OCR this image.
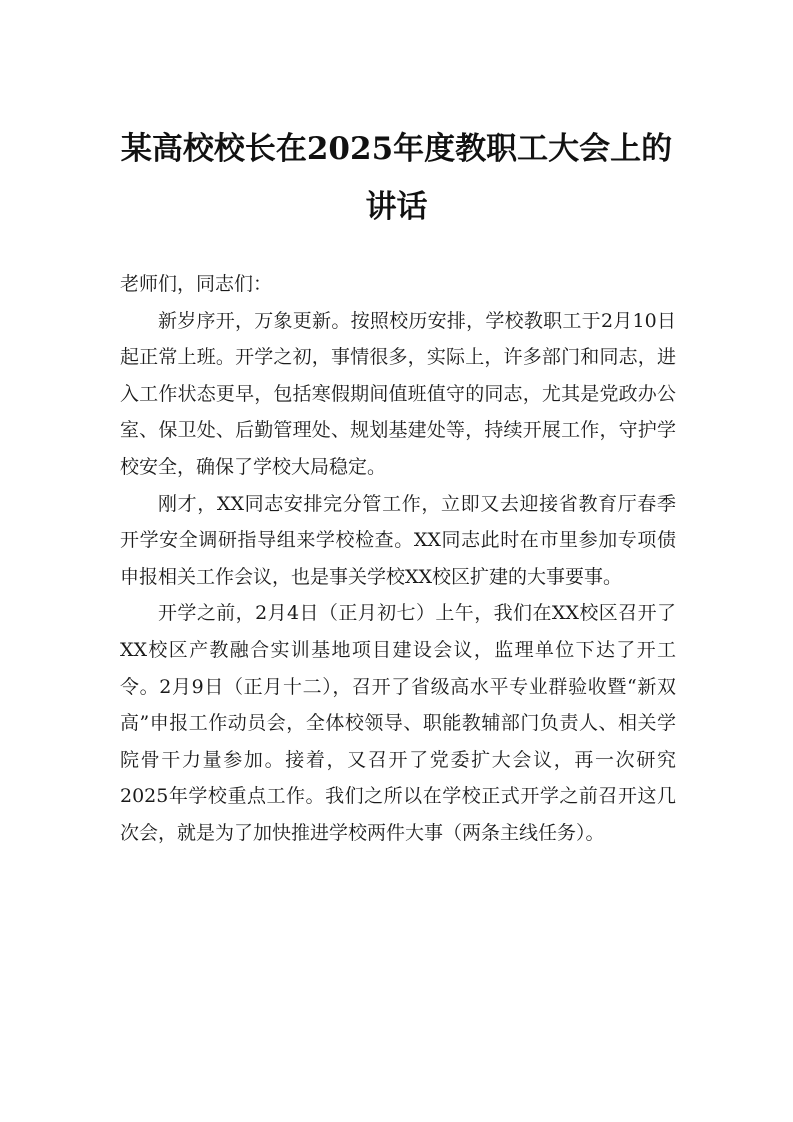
某高校校长在2025年度教职工大会上的讲话

老师们，同志们：

新岁序开，万象更新。按照校历安排，学校教职工于2月10日起正常上班。开学之初，事情很多，实际上，许多部门和同志，进入工作状态更早，包括寒假期间值班值守的同志，尤其是党政办公室、保卫处、后勤管理处、规划基建处等，持续开展工作，守护学校安全，确保了学校大局稳定。

刚才，XX同志安排完分管工作，立即又去迎接省教育厅春季开学安全调研指导组来学校检查。XX同志此时在市里参加专项债申报相关工作会议，也是事关学校XX校区扩建的大事要事。

开学之前，2月4日（正月初七）上午，我们在XX校区召开了XX校区产教融合实训基地项目建设会议，监理单位下达了开工令。2月9日（正月十二），召开了省级高水平专业群验收暨“新双高”申报工作动员会，全体校领导、职能教辅部门负责人、相关学院骨干力量参加。接着，又召开了党委扩大会议，再一次研究2025年学校重点工作。我们之所以在学校正式开学之前召开这几次会，就是为了加快推进学校两件大事（两条主线任务）。
